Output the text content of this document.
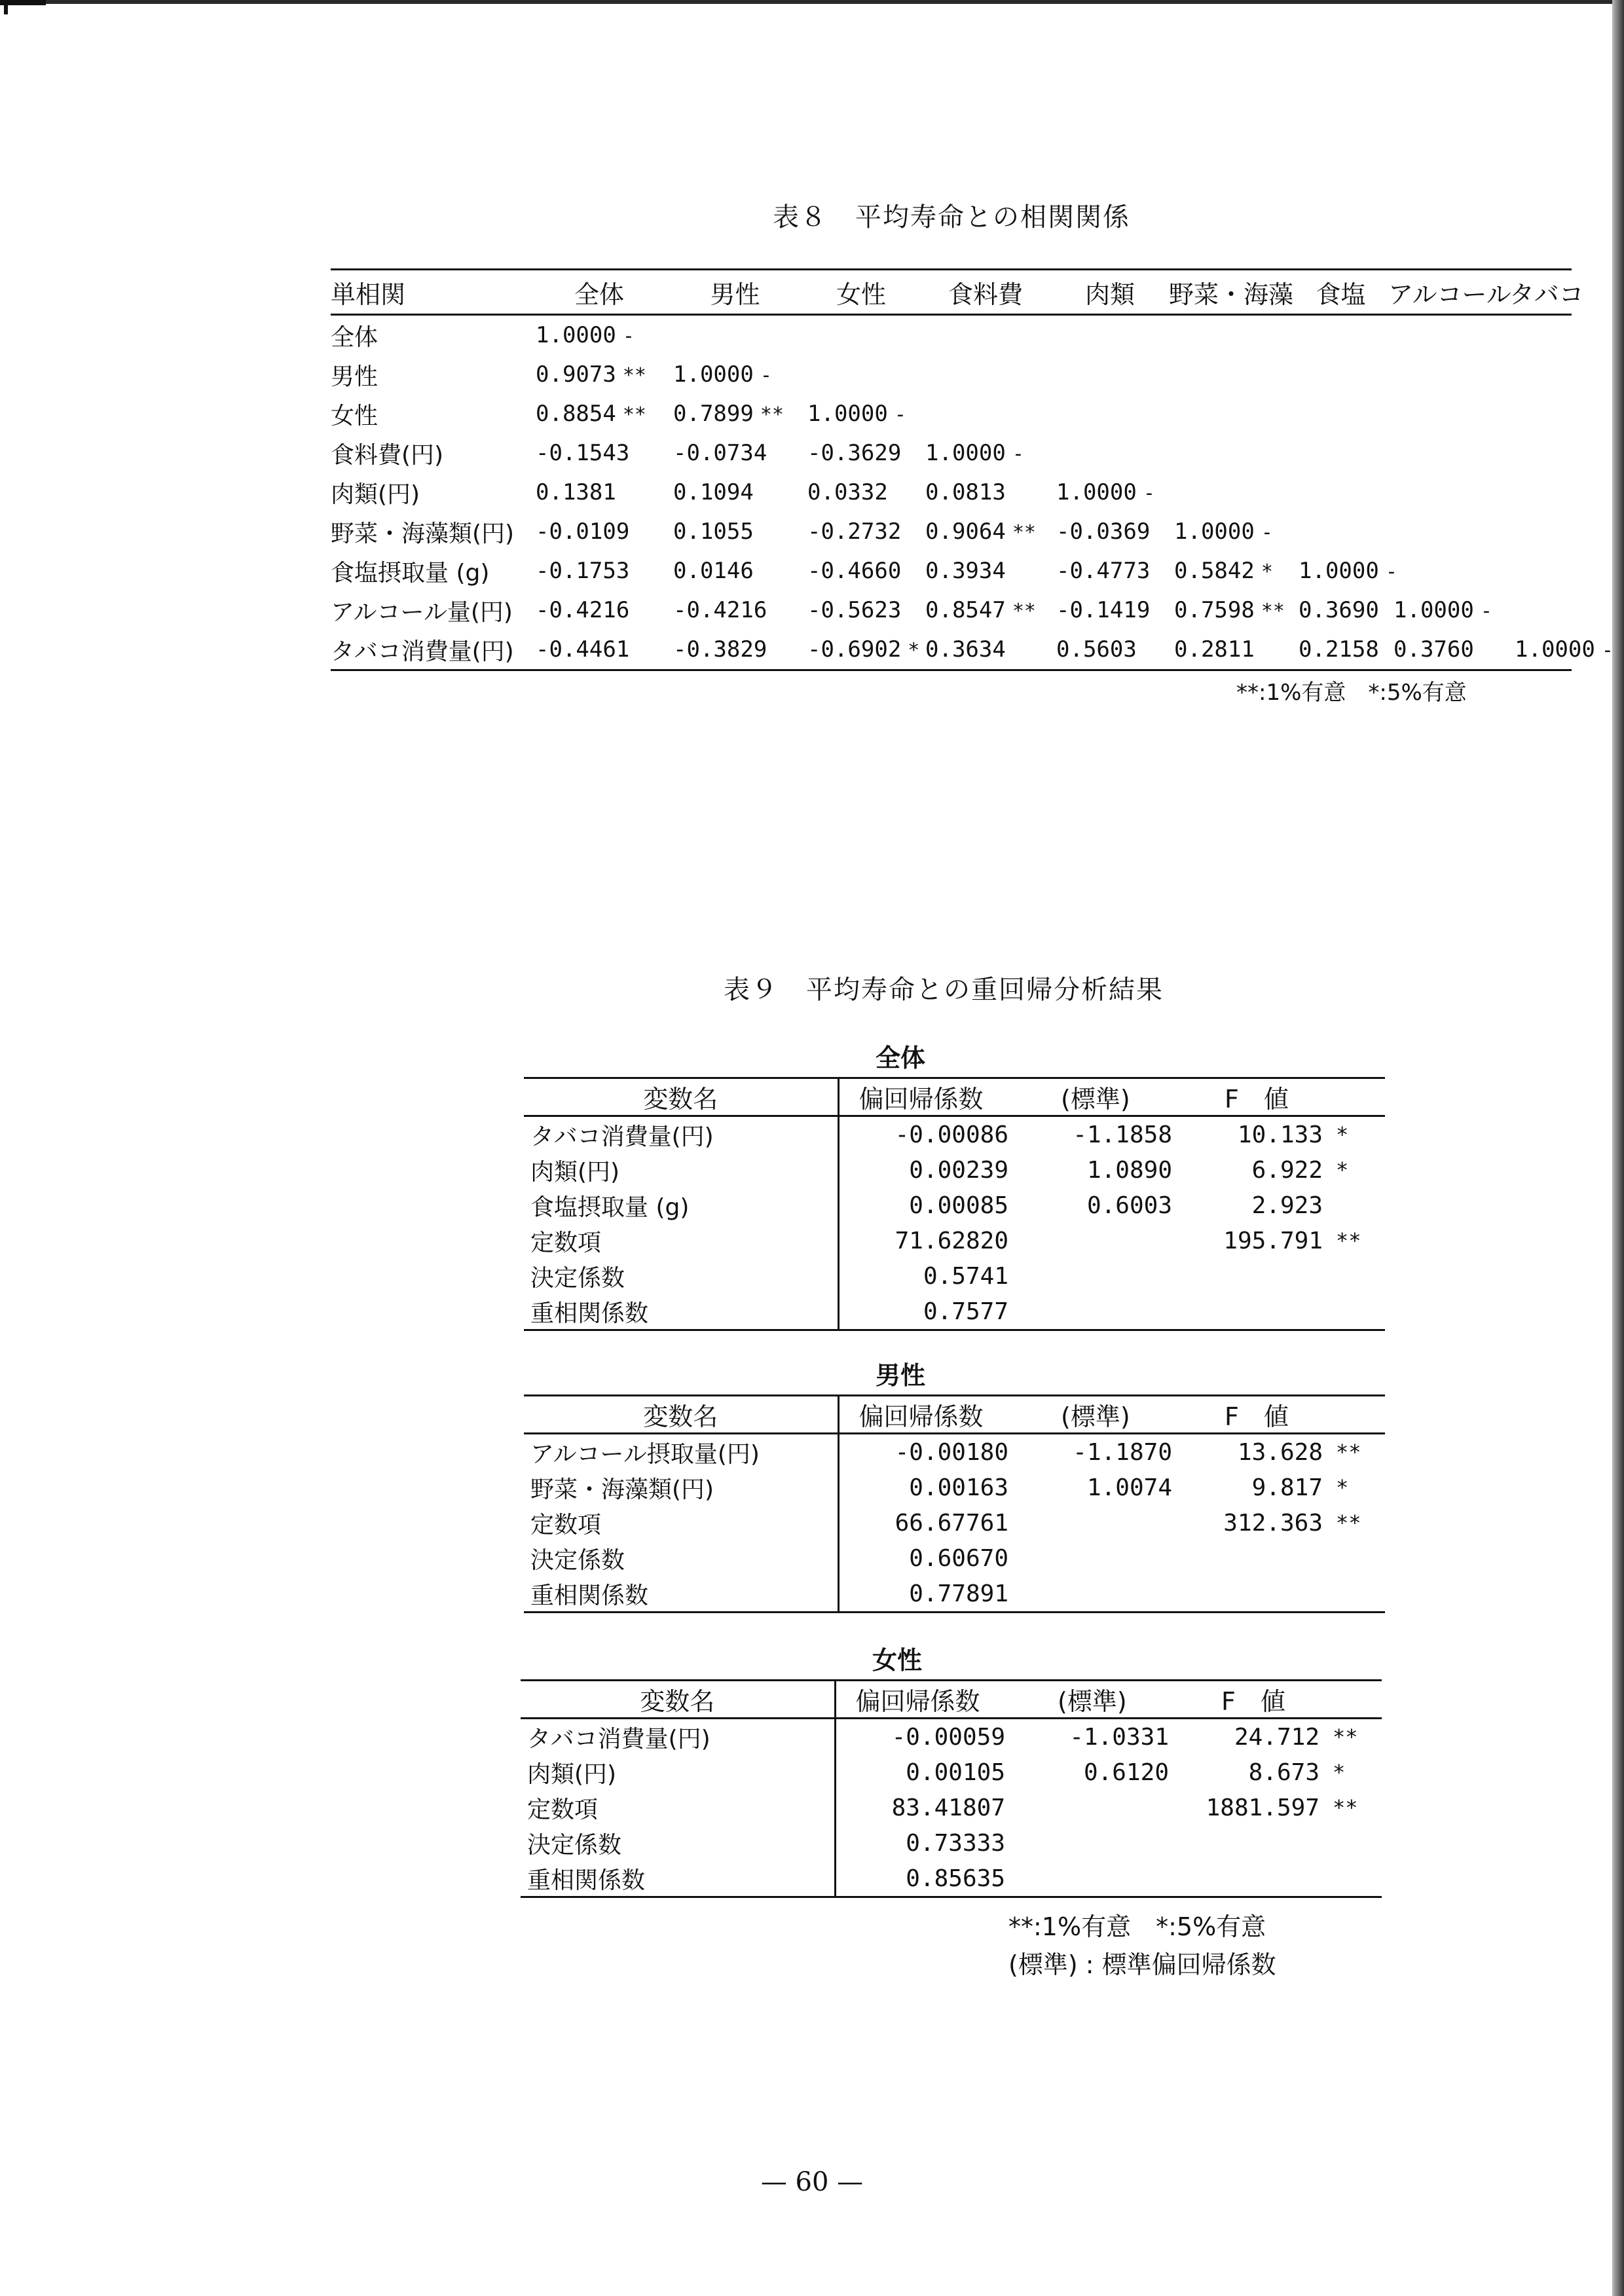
表８　平均寿命との相関関係
単相関	全体	男性	女性	食料費	肉類	野菜・海藻	食塩	アルコール	タバコ
全体	1.0000 -								
男性	0.9073 **	1.0000 -							
女性	0.8854 **	0.7899 **	1.0000 -						
食料費(円)	-0.1543	-0.0734	-0.3629	1.0000 -					
肉類(円)	0.1381	0.1094	0.0332	0.0813	1.0000 -				
野菜・海藻類(円)	-0.0109	0.1055	-0.2732	0.9064 **	-0.0369	1.0000 -			
食塩摂取量 (g)	-0.1753	0.0146	-0.4660	0.3934	-0.4773	0.5842 *	1.0000 -		
アルコール量(円)	-0.4216	-0.4216	-0.5623	0.8547 **	-0.1419	0.7598 **	0.3690	1.0000 -	
タバコ消費量(円)	-0.4461	-0.3829	-0.6902 *	0.3634	0.5603	0.2811	0.2158	0.3760	1.0000 -
**:1%有意　*:5%有意
表９　平均寿命との重回帰分析結果
全体
変数名	偏回帰係数	(標準)	F　値	
タバコ消費量(円)	-0.00086	-1.1858	10.133	*
肉類(円)	0.00239	1.0890	6.922	*
食塩摂取量 (g)	0.00085	0.6003	2.923	
定数項	71.62820		195.791	**
決定係数	0.5741			
重相関係数	0.7577			
男性
変数名	偏回帰係数	(標準)	F　値	
アルコール摂取量(円)	-0.00180	-1.1870	13.628	**
野菜・海藻類(円)	0.00163	1.0074	9.817	*
定数項	66.67761		312.363	**
決定係数	0.60670			
重相関係数	0.77891			
女性
変数名	偏回帰係数	(標準)	F　値	
タバコ消費量(円)	-0.00059	-1.0331	24.712	**
肉類(円)	0.00105	0.6120	8.673	*
定数項	83.41807		1881.597	**
決定係数	0.73333			
重相関係数	0.85635			
**:1%有意　*:5%有意
(標準) : 標準偏回帰係数
— 60 —
